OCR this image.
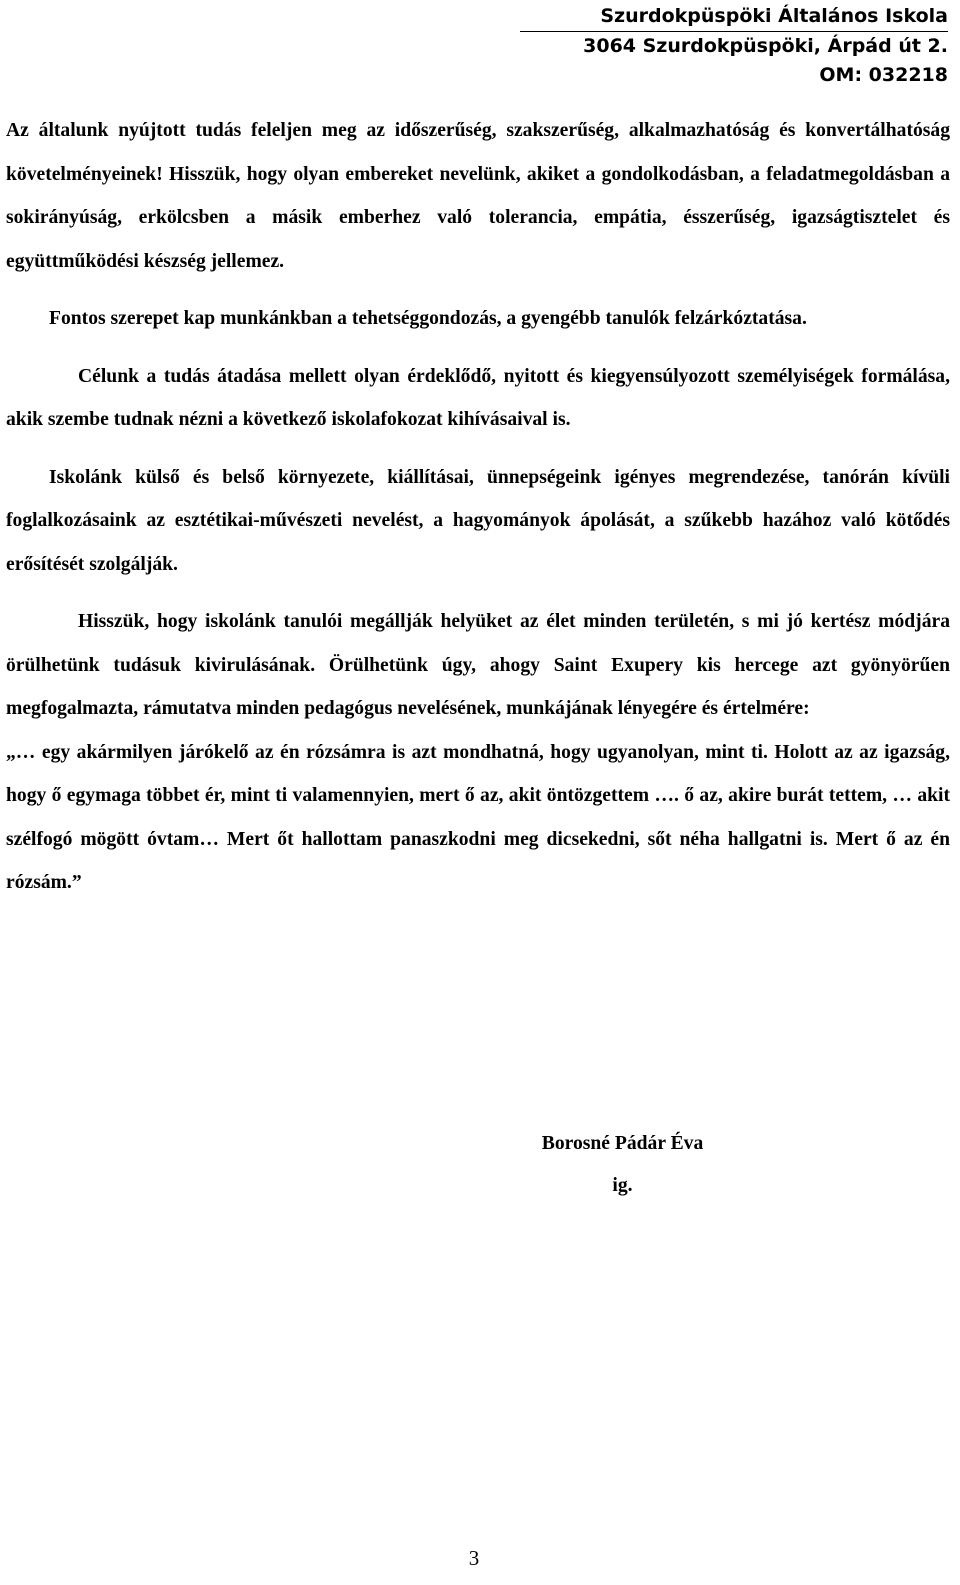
Szurdokpüspöki Általános Iskola
3064 Szurdokpüspöki, Árpád út 2.
OM: 032218

Az általunk nyújtott tudás feleljen meg az időszerűség, szakszerűség, alkalmazhatóság és konvertálhatóság követelményeinek! Hisszük, hogy olyan embereket nevelünk, akiket a gondolkodásban, a feladatmegoldásban a sokirányúság, erkölcsben a másik emberhez való tolerancia, empátia, ésszerűség, igazságtisztelet és együttműködési készség jellemez.

Fontos szerepet kap munkánkban a tehetséggondozás, a gyengébb tanulók felzárkóztatása.

Célunk a tudás átadása mellett olyan érdeklődő, nyitott és kiegyensúlyozott személyiségek formálása, akik szembe tudnak nézni a következő iskolafokozat kihívásaival is.

Iskolánk külső és belső környezete, kiállításai, ünnepségeink igényes megrendezése, tanórán kívüli foglalkozásaink az esztétikai-művészeti nevelést, a hagyományok ápolását, a szűkebb hazához való kötődés erősítését szolgálják.

Hisszük, hogy iskolánk tanulói megállják helyüket az élet minden területén, s mi jó kertész módjára örülhetünk tudásuk kivirulásának. Örülhetünk úgy, ahogy Saint Exupery kis hercege azt gyönyörűen megfogalmazta, rámutatva minden pedagógus nevelésének, munkájának lényegére és értelmére:

„… egy akármilyen járókelő az én rózsámra is azt mondhatná, hogy ugyanolyan, mint ti. Holott az az igazság, hogy ő egymaga többet ér, mint ti valamennyien, mert ő az, akit öntözgettem …. ő az, akire burát tettem, … akit szélfogó mögött óvtam… Mert őt hallottam panaszkodni meg dicsekedni, sőt néha hallgatni is. Mert ő az én rózsám.”

Borosné Pádár Éva
ig.
3
